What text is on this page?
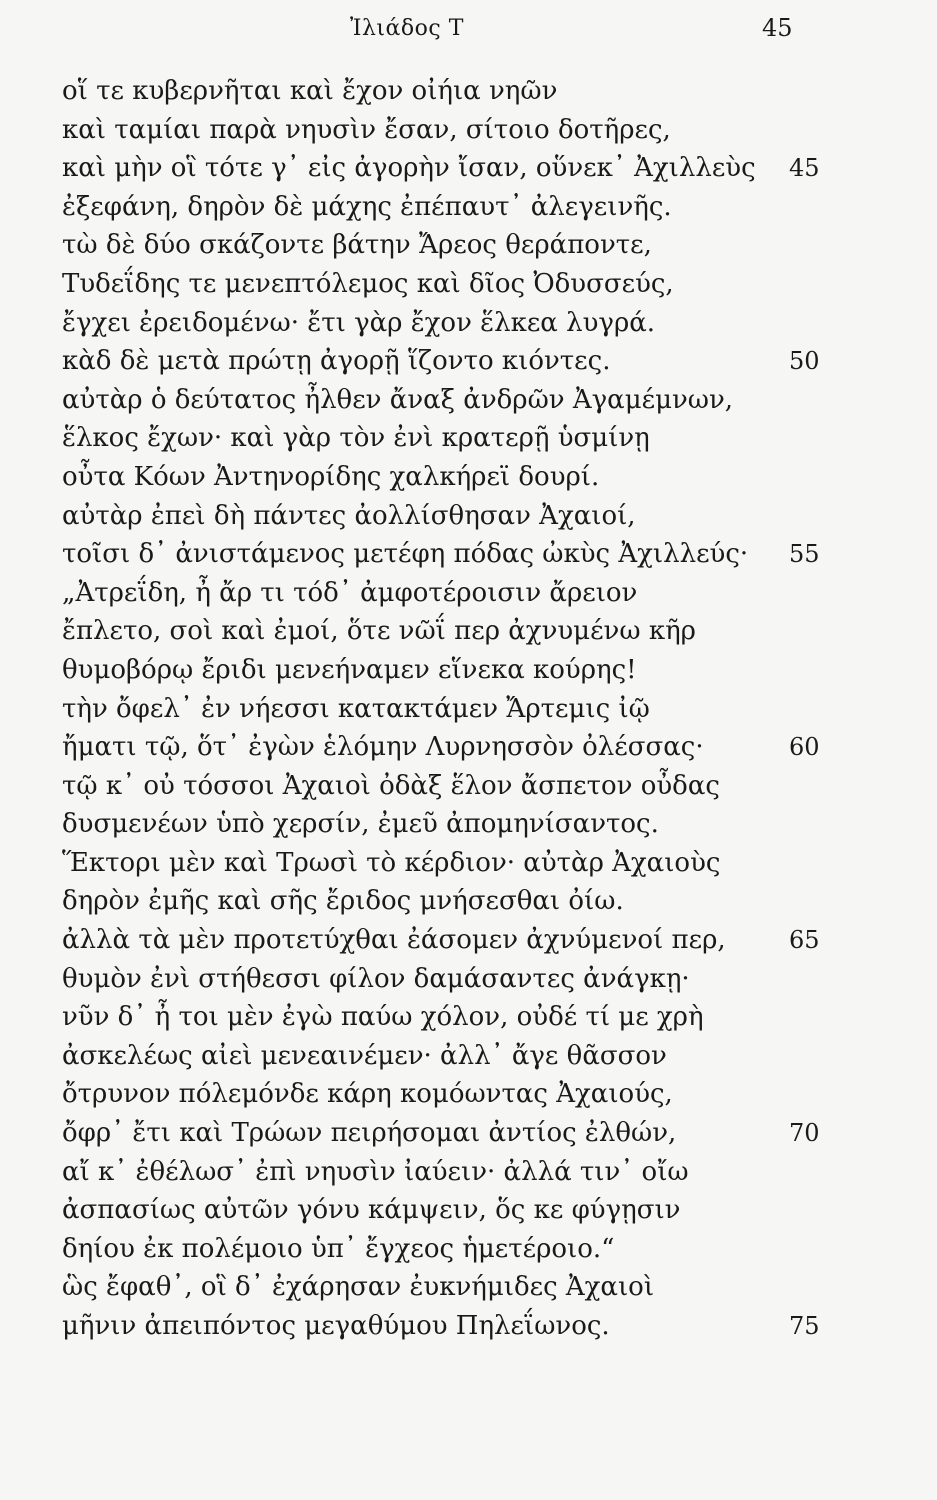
Ἰλιάδος Τ	45
οἵ τε κυβερνῆται καὶ ἔχον οἰήια νηῶν
καὶ ταμίαι παρὰ νηυσὶν ἔσαν, σίτοιο δοτῆρες,
καὶ μὴν οἳ τότε γ᾽ εἰς ἀγορὴν ἴσαν, οὕνεκ᾽ Ἀχιλλεὺς 45
ἐξεφάνη, δηρὸν δὲ μάχης ἐπέπαυτ᾽ ἀλεγεινῆς.
τὼ δὲ δύο σκάζοντε βάτην Ἄρεος θεράποντε,
Τυδεΐδης τε μενεπτόλεμος καὶ δῖος Ὀδυσσεύς,
ἔγχει ἐρειδομένω· ἔτι γὰρ ἔχον ἕλκεα λυγρά.
κὰδ δὲ μετὰ πρώτῃ ἀγορῇ ἵζοντο κιόντες.	50
αὐτὰρ ὁ δεύτατος ἦλθεν ἄναξ ἀνδρῶν Ἀγαμέμνων,
ἕλκος ἔχων· καὶ γὰρ τὸν ἐνὶ κρατερῇ ὑσμίνῃ
οὖτα Κόων Ἀντηνορίδης χαλκήρεϊ δουρί.
αὐτὰρ ἐπεὶ δὴ πάντες ἀολλίσθησαν Ἀχαιοί,
τοῖσι δ᾽ ἀνιστάμενος μετέφη πόδας ὠκὺς Ἀχιλλεύς· 55
„Ἀτρεΐδη, ἦ ἄρ τι τόδ᾽ ἀμφοτέροισιν ἄρειον
ἔπλετο, σοὶ καὶ ἐμοί, ὅτε νῶΐ περ ἀχνυμένω κῆρ
θυμοβόρῳ ἔριδι μενεήναμεν εἵνεκα κούρης!
τὴν ὄφελ᾽ ἐν νήεσσι κατακτάμεν Ἄρτεμις ἰῷ
ἤματι τῷ, ὅτ᾽ ἐγὼν ἑλόμην Λυρνησσὸν ὀλέσσας·	60
τῷ κ᾽ οὐ τόσσοι Ἀχαιοὶ ὀδὰξ ἕλον ἄσπετον οὖδας
δυσμενέων ὑπὸ χερσίν, ἐμεῦ ἀπομηνίσαντος.
Ἕκτορι μὲν καὶ Τρωσὶ τὸ κέρδιον· αὐτὰρ Ἀχαιοὺς
δηρὸν ἐμῆς καὶ σῆς ἔριδος μνήσεσθαι ὀίω.
ἀλλὰ τὰ μὲν προτετύχθαι ἐάσομεν ἀχνύμενοί περ,	65
θυμὸν ἐνὶ στήθεσσι φίλον δαμάσαντες ἀνάγκῃ·
νῦν δ᾽ ἦ τοι μὲν ἐγὼ παύω χόλον, οὐδέ τί με χρὴ
ἀσκελέως αἰεὶ μενεαινέμεν· ἀλλ᾽ ἄγε θᾶσσον
ὄτρυνον πόλεμόνδε κάρη κομόωντας Ἀχαιούς,
ὄφρ᾽ ἔτι καὶ Τρώων πειρήσομαι ἀντίος ἐλθών,	70
αἴ κ᾽ ἐθέλωσ᾽ ἐπὶ νηυσὶν ἰαύειν· ἀλλά τιν᾽ οἴω
ἀσπασίως αὐτῶν γόνυ κάμψειν, ὅς κε φύγῃσιν
δηίου ἐκ πολέμοιο ὑπ᾽ ἔγχεος ἡμετέροιο.“
ὣς ἔφαθ᾽, οἳ δ᾽ ἐχάρησαν ἐυκνήμιδες Ἀχαιοὶ
μῆνιν ἀπειπόντος μεγαθύμου Πηλεΐωνος.	75
